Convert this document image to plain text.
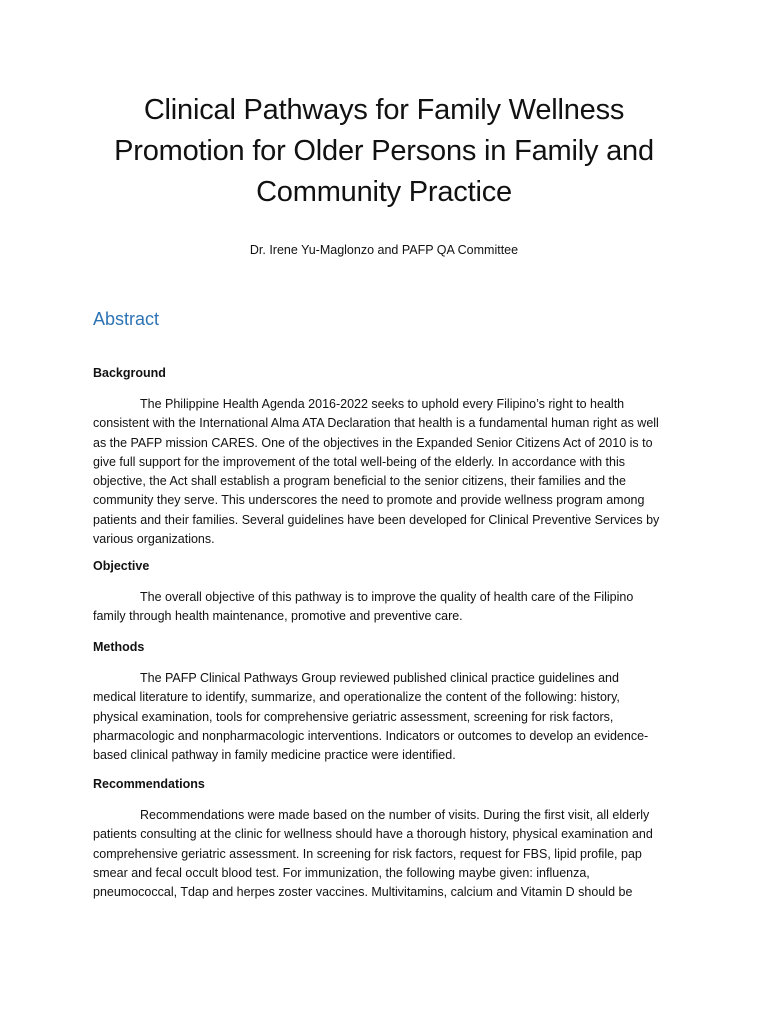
Clinical Pathways for Family Wellness Promotion for Older Persons in Family and Community Practice
Dr. Irene Yu-Maglonzo and PAFP QA Committee
Abstract
Background

The Philippine Health Agenda 2016-2022 seeks to uphold every Filipino’s right to health consistent with the International Alma ATA Declaration that health is a fundamental human right as well as the PAFP mission CARES. One of the objectives in the Expanded Senior Citizens Act of 2010 is to give full support for the improvement of the total well-being of the elderly. In accordance with this objective, the Act shall establish a program beneficial to the senior citizens, their families and the community they serve. This underscores the need to promote and provide wellness program among patients and their families. Several guidelines have been developed for Clinical Preventive Services by various organizations.

Objective

The overall objective of this pathway is to improve the quality of health care of the Filipino family through health maintenance, promotive and preventive care.

Methods

The PAFP Clinical Pathways Group reviewed published clinical practice guidelines and medical literature to identify, summarize, and operationalize the content of the following: history, physical examination, tools for comprehensive geriatric assessment, screening for risk factors, pharmacologic and nonpharmacologic interventions. Indicators or outcomes to develop an evidence-based clinical pathway in family medicine practice were identified.

Recommendations

Recommendations were made based on the number of visits. During the first visit, all elderly patients consulting at the clinic for wellness should have a thorough history, physical examination and comprehensive geriatric assessment. In screening for risk factors, request for FBS, lipid profile, pap smear and fecal occult blood test. For immunization, the following maybe given: influenza, pneumococcal, Tdap and herpes zoster vaccines. Multivitamins, calcium and Vitamin D should be
